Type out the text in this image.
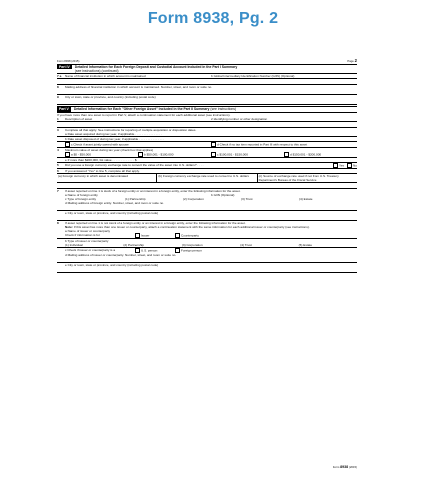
Form 8938, Pg. 2
Form 8938 (2015)	Page 2
Part IV	Detailed Information for Each Foreign Deposit and Custodial Account Included in the Part I Summary
(see instructions) (continued)
7 a	Name of financial institution in which account is maintained	b Global Intermediary Identification Number (GIIN) (Optional)
8	Mailing address of financial institution in which account is maintained. Number, street, and room or suite no.
9	City or town, state or province, and country (including postal code)
Part V	Detailed Information for Each "Other Foreign Asset" Included in the Part II Summary (see instructions)
If you have more than one asset to report in Part V, attach a continuation statement for each additional asset (see instructions).
1	Description of asset	2 Identifying number or other designation
3	Complete all that apply. See instructions for reporting of multiple acquisition or disposition dates.
a Date asset acquired during tax year, if applicable . . . . . . . . . . . . . . . .
b Date asset disposed of during tax year, if applicable . . . . . . . . . . . . . . .
c Check if asset jointly owned with spouse	d Check if no tax item reported in Part III with respect to this asset
4	Maximum value of asset during tax year (check box that applies)
a $0 - $50,000	b $50,001 - $100,000	c $100,001 - $150,000	d $150,001 - $200,000
e If more than $200,000, list value . . . . . . . . . . . . . $
5	Did you use a foreign currency exchange rate to convert the value of the asset into U.S. dollars? . . . .	Yes	No
6	If you answered "Yes" to line 5, complete all that apply.
(a) Foreign currency in which asset is denominated	(b) Foreign currency exchange rate used to convert to U.S. dollars	(c) Source of exchange rate used if not from U.S. Treasury Department's Bureau of the Fiscal Service
7	If asset reported on line 1 is stock of a foreign entity or an interest in a foreign entity, enter the following information for the asset.
a Name of foreign entity	b GIIN (Optional)
c Type of foreign entity	(1) Partnership	(2) Corporation	(3) Trust	(4) Estate
d Mailing address of foreign entity. Number, street, and room or suite no.
e City or town, state or province, and country (including postal code)
8	If asset reported on line 1 is not stock of a foreign entity or an interest in a foreign entity, enter the following information for the asset.
Note: If this asset has more than one issuer or counterparty, attach a continuation statement with the same information for each additional issuer or counterparty (see instructions).
a Name of issuer or counterparty
Check if information is for	Issuer	Counterparty
b Type of issuer or counterparty
(1) Individual	(2) Partnership	(3) Corporation	(4) Trust	(5) Estate
c Check if issuer or counterparty is a	U.S. person	Foreign person
d Mailing address of issuer or counterparty. Number, street, and room or suite no.
e City or town, state or province, and country (including postal code)
Form 8938 (2015)
